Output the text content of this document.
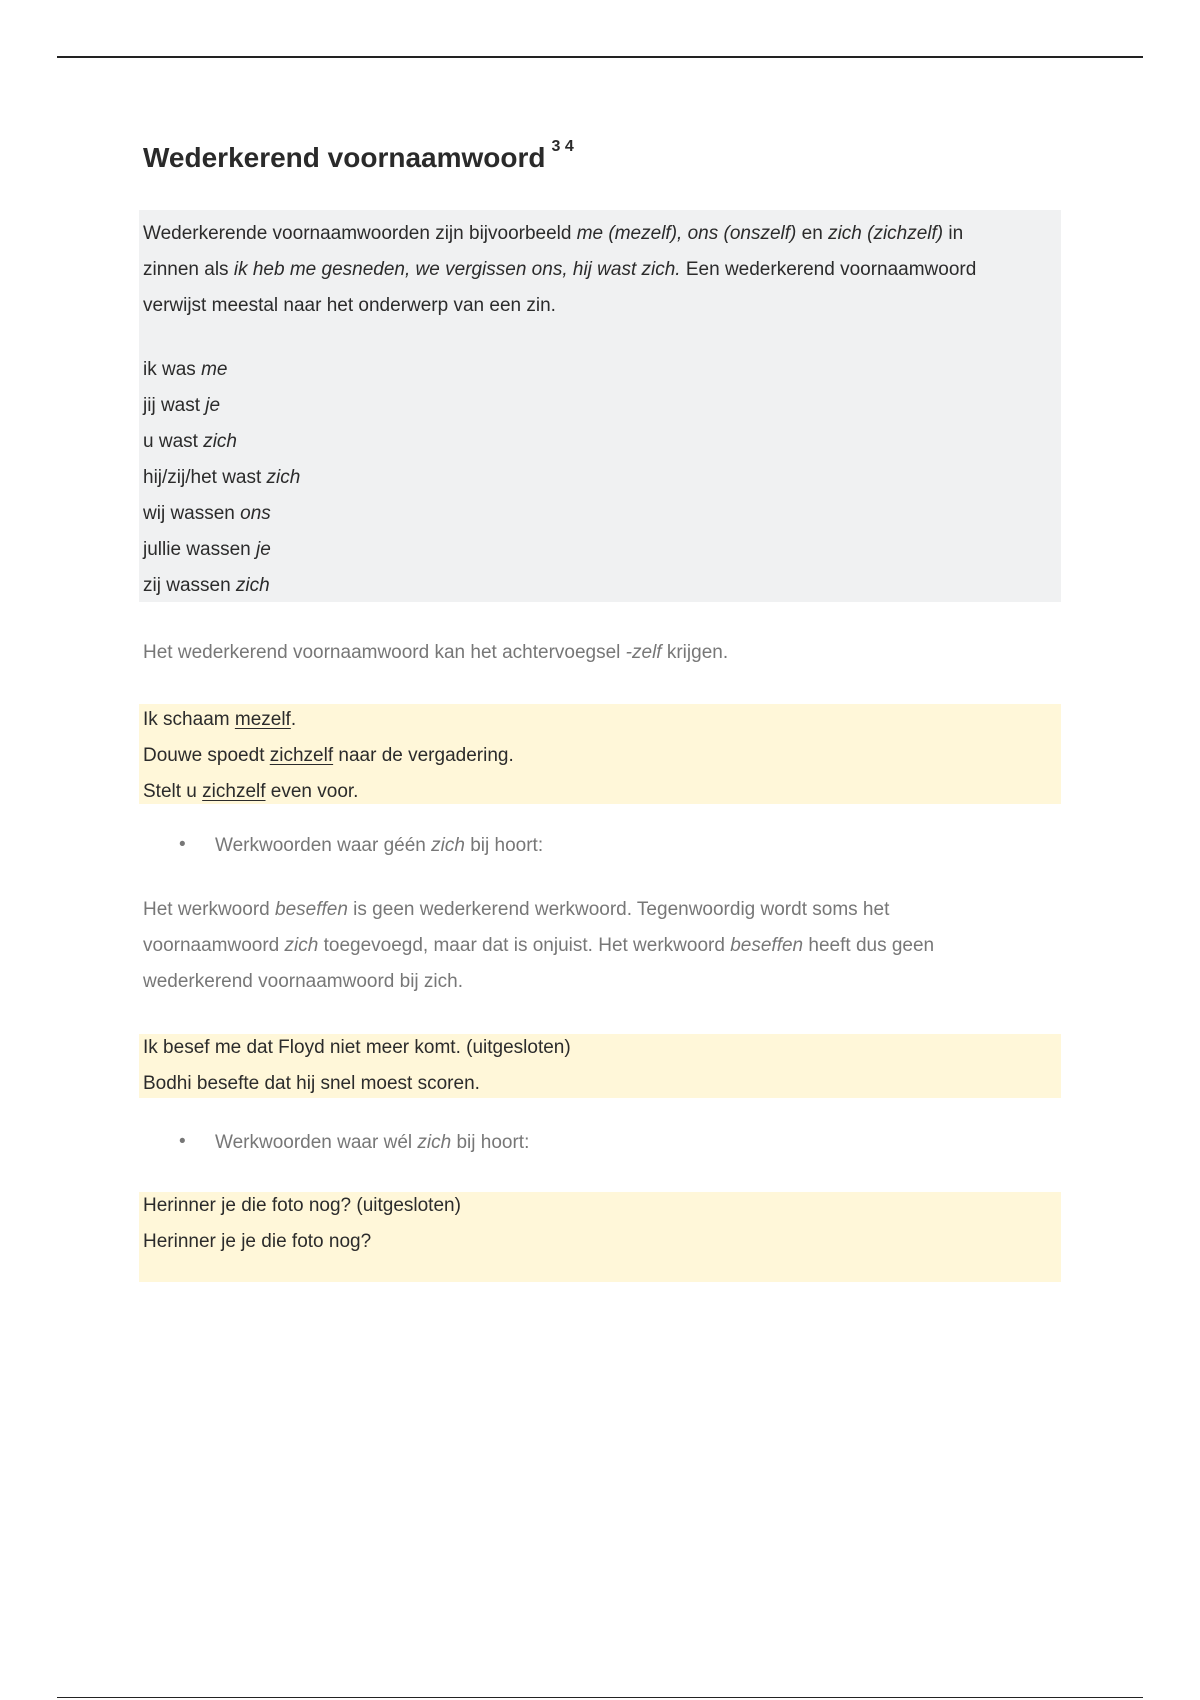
Wederkerend voornaamwoord $^{3 4}$
Wederkerende voornaamwoorden zijn bijvoorbeeld me (mezelf), ons (onszelf) en zich (zichzelf) in
zinnen als ik heb me gesneden, we vergissen ons, hij wast zich. Een wederkerend voornaamwoord
verwijst meestal naar het onderwerp van een zin.
ik was me
jij wast je
u wast zich
hij/zij/het wast zich
wij wassen ons
jullie wassen je
zij wassen zich
Het wederkerend voornaamwoord kan het achtervoegsel -zelf krijgen.
Ik schaam mezelf.
Douwe spoedt zichzelf naar de vergadering.
Stelt u zichzelf even voor.
• Werkwoorden waar géén zich bij hoort:
Het werkwoord beseffen is geen wederkerend werkwoord. Tegenwoordig wordt soms het
voornaamwoord zich toegevoegd, maar dat is onjuist. Het werkwoord beseffen heeft dus geen
wederkerend voornaamwoord bij zich.
Ik besef me dat Floyd niet meer komt. (uitgesloten)
Bodhi besefte dat hij snel moest scoren.
• Werkwoorden waar wél zich bij hoort:
Herinner je die foto nog? (uitgesloten)
Herinner je je die foto nog?
